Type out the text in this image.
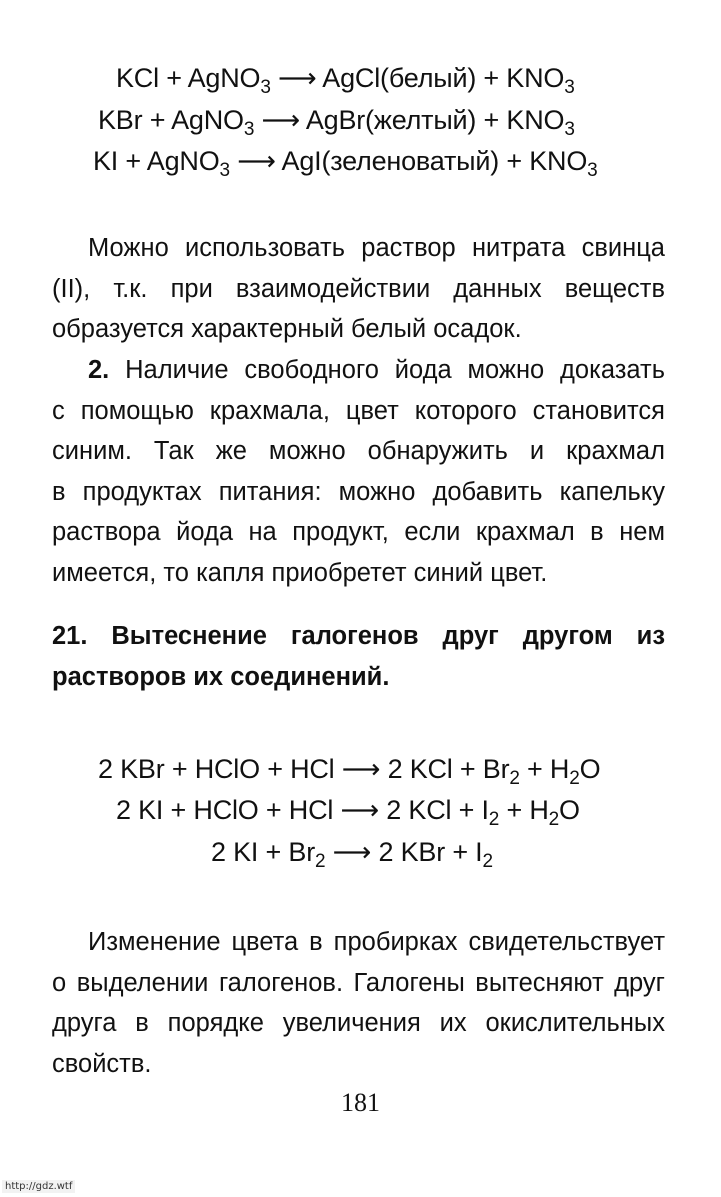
KCl + AgNO$_3$ ⟶ AgCl(белый) + $KNO_3$
KBr + AgNO$_3$ ⟶ AgBr(желтый) + $KNO_3$
KI + AgNO$_3$ ⟶ AgI(зеленоватый) + $KNO_3$
Можно использовать раствор нитрата свинца
(II), т.к. при взаимодействии данных веществ
образуется характерный белый осадок.
2. Наличие свободного йода можно доказать
с помощью крахмала, цвет которого становится
синим. Так же можно обнаружить и крахмал
в продуктах питания: можно добавить капельку
раствора йода на продукт, если крахмал в нем
имеется, то капля приобретет синий цвет.
21. Вытеснение галогенов друг другом из
растворов их соединений.
2 KBr + HClO + HCl ⟶ 2 KCl + $Br_2 + H_2O$
2 KI + HClO + HCl ⟶ 2 KCl + $I_2 + H_2O$
2 KI + $Br_2$ ⟶ 2 KBr + $I_2$
Изменение цвета в пробирках свидетельствует
о выделении галогенов. Галогены вытесняют друг
друга в порядке увеличения их окислительных
свойств.
181
http://gdz.wtf
